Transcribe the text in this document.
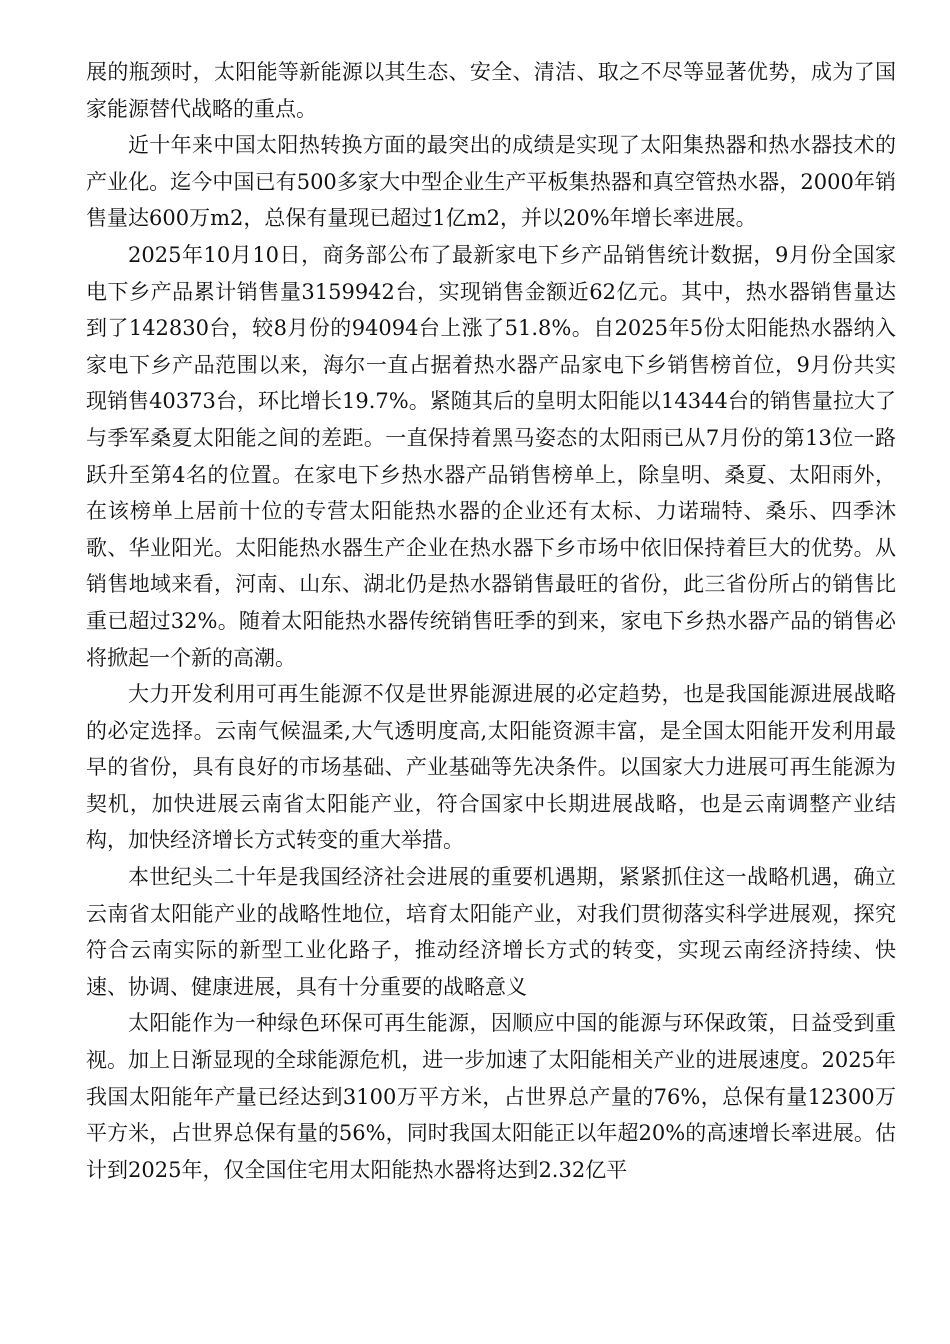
展的瓶颈时，太阳能等新能源以其生态、安全、清洁、取之不尽等显著优势，成为了国家能源替代战略的重点。

近十年来中国太阳热转换方面的最突出的成绩是实现了太阳集热器和热水器技术的产业化。迄今中国已有500多家大中型企业生产平板集热器和真空管热水器，2000年销售量达600万m2，总保有量现已超过1亿m2，并以20%年增长率进展。

2025年10月10日，商务部公布了最新家电下乡产品销售统计数据，9月份全国家电下乡产品累计销售量3159942台，实现销售金额近62亿元。其中，热水器销售量达到了142830台，较8月份的94094台上涨了51.8%。自2025年5份太阳能热水器纳入家电下乡产品范围以来，海尔一直占据着热水器产品家电下乡销售榜首位，9月份共实现销售40373台，环比增长19.7%。紧随其后的皇明太阳能以14344台的销售量拉大了与季军桑夏太阳能之间的差距。一直保持着黑马姿态的太阳雨已从7月份的第13位一路跃升至第4名的位置。在家电下乡热水器产品销售榜单上，除皇明、桑夏、太阳雨外，在该榜单上居前十位的专营太阳能热水器的企业还有太标、力诺瑞特、桑乐、四季沐歌、华业阳光。太阳能热水器生产企业在热水器下乡市场中依旧保持着巨大的优势。从销售地域来看，河南、山东、湖北仍是热水器销售最旺的省份，此三省份所占的销售比重已超过32%。随着太阳能热水器传统销售旺季的到来，家电下乡热水器产品的销售必将掀起一个新的高潮。

大力开发利用可再生能源不仅是世界能源进展的必定趋势，也是我国能源进展战略的必定选择。云南气候温柔,大气透明度高,太阳能资源丰富，是全国太阳能开发利用最早的省份，具有良好的市场基础、产业基础等先决条件。以国家大力进展可再生能源为契机，加快进展云南省太阳能产业，符合国家中长期进展战略，也是云南调整产业结构，加快经济增长方式转变的重大举措。

本世纪头二十年是我国经济社会进展的重要机遇期，紧紧抓住这一战略机遇，确立云南省太阳能产业的战略性地位，培育太阳能产业，对我们贯彻落实科学进展观，探究符合云南实际的新型工业化路子，推动经济增长方式的转变，实现云南经济持续、快速、协调、健康进展，具有十分重要的战略意义

太阳能作为一种绿色环保可再生能源，因顺应中国的能源与环保政策，日益受到重视。加上日渐显现的全球能源危机，进一步加速了太阳能相关产业的进展速度。2025年我国太阳能年产量已经达到3100万平方米，占世界总产量的76%，总保有量12300万平方米，占世界总保有量的56%，同时我国太阳能正以年超20%的高速增长率进展。估计到2025年，仅全国住宅用太阳能热水器将达到2.32亿平
